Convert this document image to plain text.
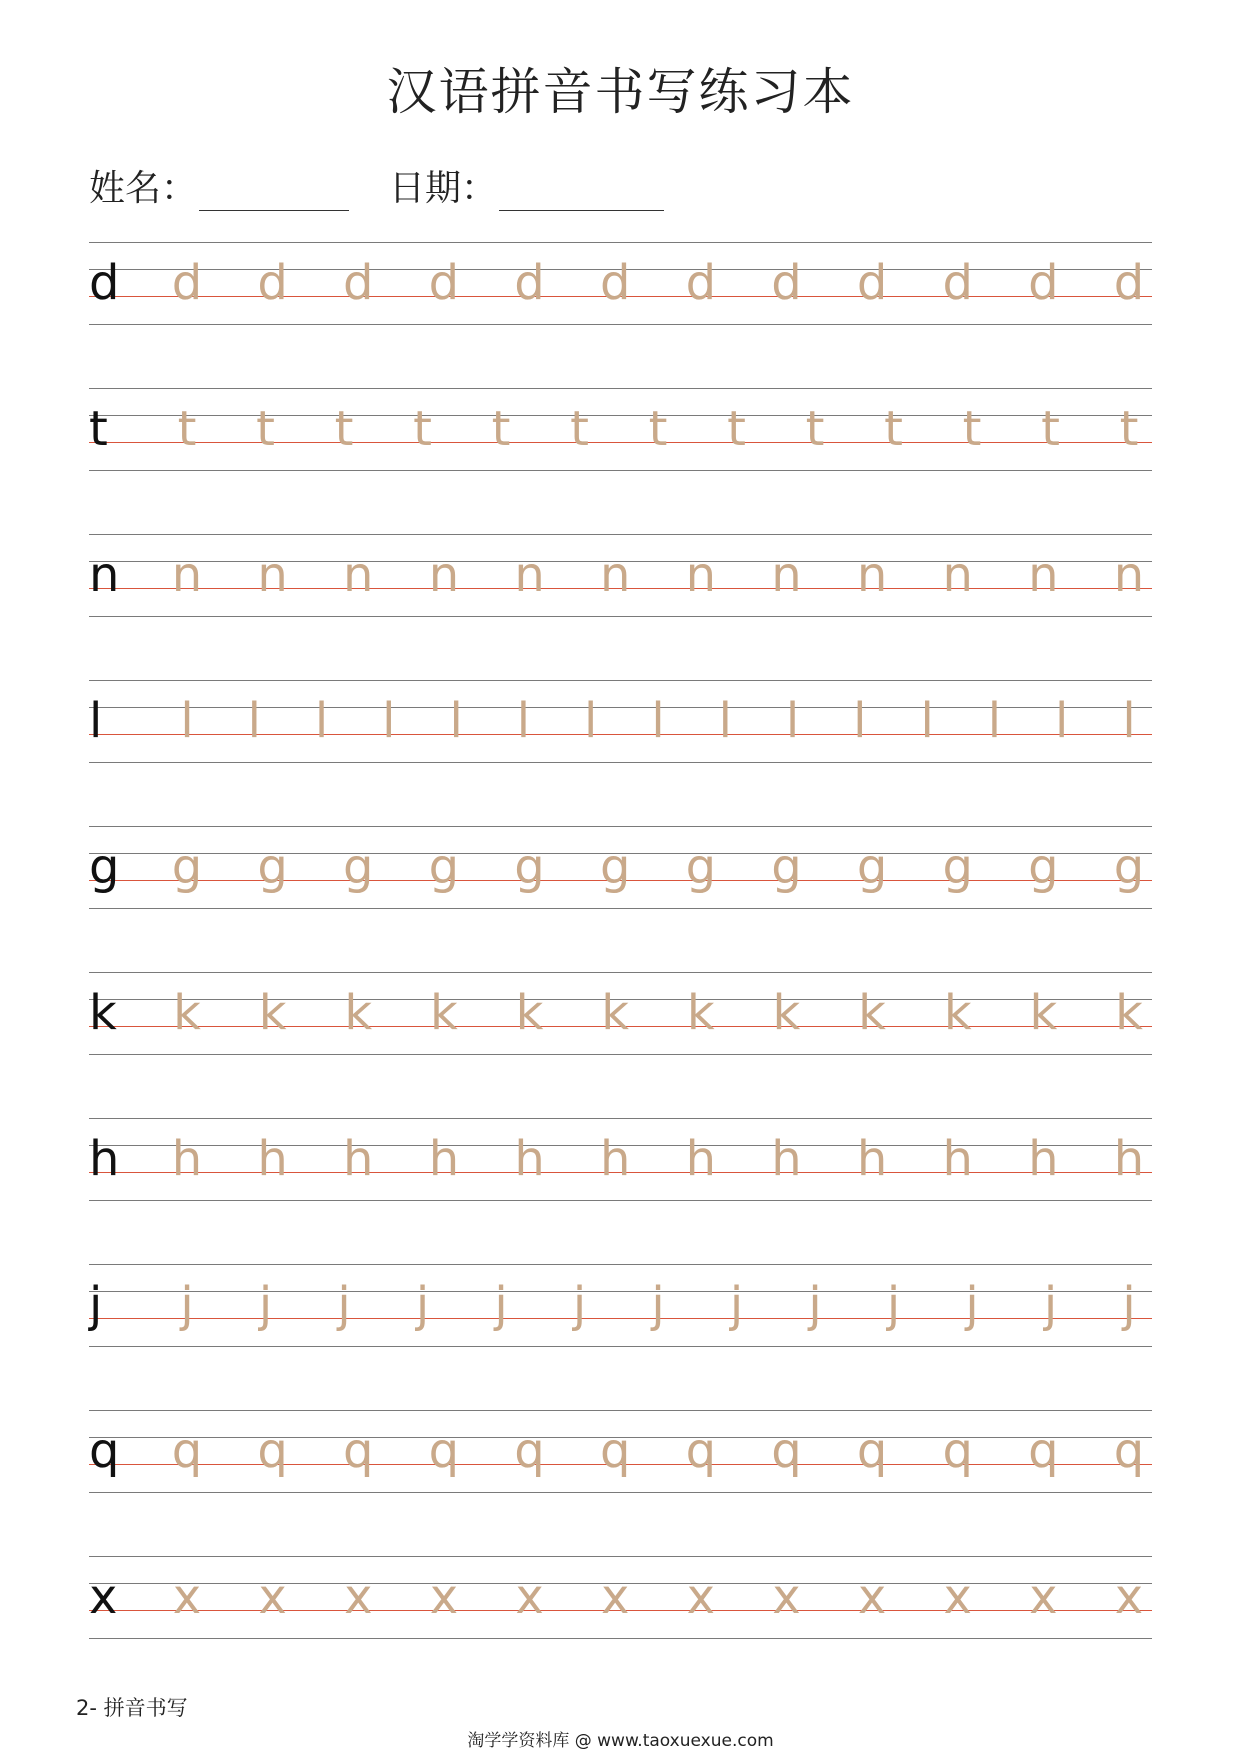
汉语拼音书写练习本
姓名：	日期：
d d d d d d d d d d d d d
t t t t t t t t t t t t t t
n n n n n n n n n n n n n
l l l l l l l l l l l l l l l l
g g g g g g g g g g g g g
k k k k k k k k k k k k k
h h h h h h h h h h h h h
j j j j j j j j j j j j j j
q q q q q q q q q q q q q
x x x x x x x x x x x x x
2- 拼音书写
淘学学资料库 @ www.taoxuexue.com
